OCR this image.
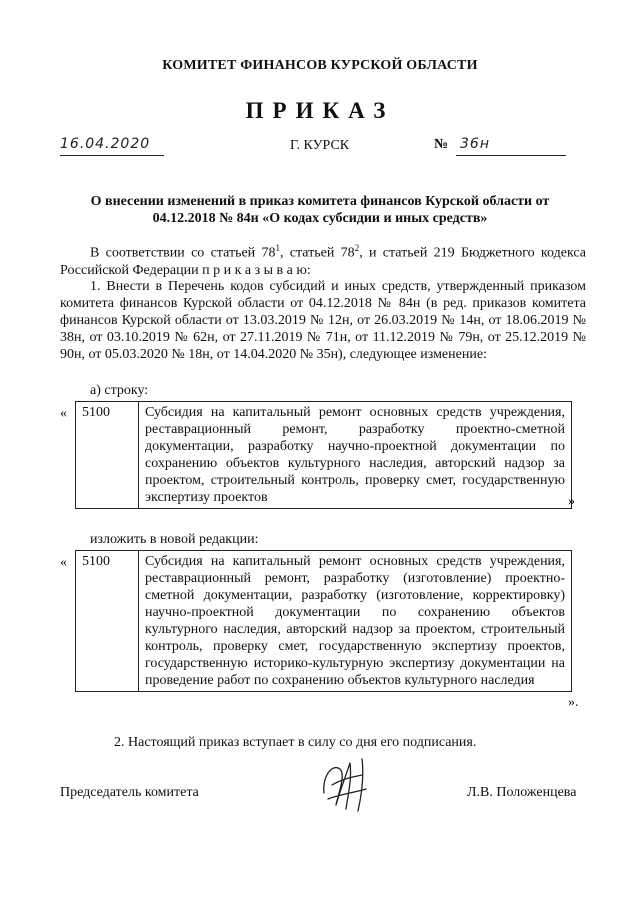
КОМИТЕТ ФИНАНСОВ КУРСКОЙ ОБЛАСТИ
ПРИКАЗ
16.04.2020	Г. КУРСК	№ 36н
О внесении изменений в приказ комитета финансов Курской области от
04.12.2018 № 84н «О кодах субсидии и иных средств»
В соответствии со статьей $78^1$, статьей $78^2$, и статьей 219 Бюджетного кодекса Российской Федерации п р и к а з ы в а ю:
1. Внести в Перечень кодов субсидий и иных средств, утвержденный приказом комитета финансов Курской области от 04.12.2018 № 84н (в ред. приказов комитета финансов Курской области от 13.03.2019 № 12н, от 26.03.2019 № 14н, от 18.06.2019 № 38н, от 03.10.2019 № 62н, от 27.11.2019 № 71н, от 11.12.2019 № 79н, от 25.12.2019 № 90н, от 05.03.2020 № 18н, от 14.04.2020 № 35н), следующее изменение:
а) строку:
« 5100	Субсидия на капитальный ремонт основных средств учреждения, реставрационный ремонт, разработку проектно-сметной документации, разработку научно-проектной документации по сохранению объектов культурного наследия, авторский надзор за проектом, строительный контроль, проверку смет, государственную экспертизу проектов	»
изложить в новой редакции:
« 5100	Субсидия на капитальный ремонт основных средств учреждения, реставрационный ремонт, разработку (изготовление) проектно-сметной документации, разработку (изготовление, корректировку) научно-проектной документации по сохранению объектов культурного наследия, авторский надзор за проектом, строительный контроль, проверку смет, государственную экспертизу проектов, государственную историко-культурную экспертизу документации на проведение работ по сохранению объектов культурного наследия
».
2. Настоящий приказ вступает в силу со дня его подписания.
Председатель комитета	Л.В. Положенцева
